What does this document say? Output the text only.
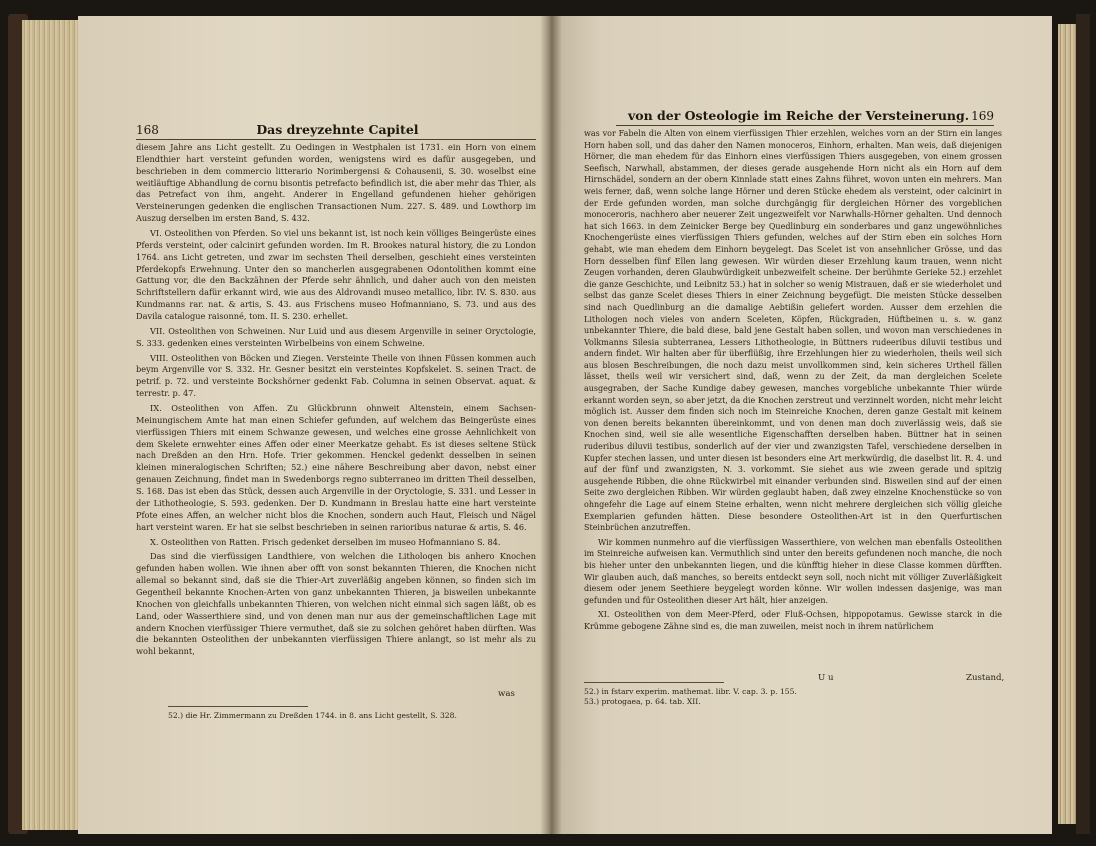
168	Das dreyzehnte Capitel

diesem Jahre ans Licht gestellt. Zu Oedingen in Westphalen ist 1731. ein Horn von einem Elendthier hart versteint gefunden worden, wenigstens wird es dafür ausgegeben, und beschrieben in dem commercio litterario Norimbergensi & Cohausenii, S. 30. woselbst eine weitläuftige Abhandlung de cornu bisontis petrefacto befindlich ist, die aber mehr das Thier, als das Petrefact von ihm, angeht. Anderer in Engelland gefundenen hieher gehörigen Versteinerungen gedenken die englischen Transactionen Num. 227. S. 489. und Lowthorp im Auszug derselben im ersten Band, S. 432.

VI. Osteolithen von Pferden. So viel uns bekannt ist, ist noch kein völliges Beingerüste eines Pferds versteint, oder calcinirt gefunden worden. Im R. Brookes natural history, die zu London 1764. ans Licht getreten, und zwar im sechsten Theil derselben, geschieht eines versteinten Pferdekopfs Erwehnung. Unter den so mancherlen ausgegrabenen Odontolithen kommt eine Gattung vor, die den Backzähnen der Pferde sehr ähnlich, und daher auch von den meisten Schriftstellern dafür erkannt wird, wie aus des Aldrovandi museo metallico, libr. IV. S. 830. aus Kundmanns rar. nat. & artis, S. 43. aus Frischens museo Hofmanniano, S. 73. und aus des Davila catalogue raisonné, tom. II. S. 230. erhellet.

VII. Osteolithen von Schweinen. Nur Luid und aus diesem Argenville in seiner Oryctologie, S. 333. gedenken eines versteinten Wirbelbeins von einem Schweine.

VIII. Osteolithen von Böcken und Ziegen. Versteinte Theile von ihnen Füssen kommen auch beym Argenville vor S. 332. Hr. Gesner besitzt ein versteintes Kopfskelet. S. seinen Tract. de petrif. p. 72. und versteinte Bockshörner gedenkt Fab. Columna in seinen Observat. aquat. & terrestr. p. 47.

IX. Osteolithen von Affen. Zu Glückbrunn ohnweit Altenstein, einem Sachsen-Meinungischem Amte hat man einen Schiefer gefunden, auf welchem das Beingerüste eines vierfüssigen Thiers mit einem Schwanze gewesen, und welches eine grosse Aehnlichkeit von dem Skelete ernwehter eines Affen oder einer Meerkatze gehabt. Es ist dieses seltene Stück nach Dreßden an den Hrn. Hofe. Trier gekommen. Henckel gedenkt desselben in seinen kleinen mineralogischen Schriften; 52.) eine nähere Beschreibung aber davon, nebst einer genauen Zeichnung, findet man in Swedenborgs regno subterraneo im dritten Theil desselben, S. 168. Das ist eben das Stück, dessen auch Argenville in der Oryctologie, S. 331. und Lesser in der Lithotheologie, S. 593. gedenken. Der D. Kundmann in Breslau hatte eine hart versteinte Pfote eines Affen, an welcher nicht blos die Knochen, sondern auch Haut, Fleisch und Nägel hart versteint waren. Er hat sie selbst beschrieben in seinen rarioribus naturae & artis, S. 46.

X. Osteolithen von Ratten. Frisch gedenket derselben im museo Hofmanniano S. 84.

Das sind die vierfüssigen Landthiere, von welchen die Litholoqen bis anhero Knochen gefunden haben wollen. Wie ihnen aber offt von sonst bekannten Thieren, die Knochen nicht allemal so bekannt sind, daß sie die Thier-Art zuverläßig angeben können, so finden sich im Gegentheil bekannte Knochen-Arten von ganz unbekannten Thieren, ja bisweilen unbekannte Knochen von gleichfalls unbekannten Thieren, von welchen nicht einmal sich sagen läßt, ob es Land, oder Wasserthiere sind, und von denen man nur aus der gemeinschaftlichen Lage mit andern Knochen vierfüssiger Thiere vermuthet, daß sie zu solchen gehöret haben dürften. Was die bekannten Osteolithen der unbekannten vierfüssigen Thiere anlangt, so ist mehr als zu wohl bekannt,

was
52.) die Hr. Zimmermann zu Dreßden 1744. in 8. ans Licht gestellt, S. 328.
von der Osteologie im Reiche der Versteinerung. 169

was vor Fabeln die Alten von einem vierfüssigen Thier erzehlen, welches vorn an der Stirn ein langes Horn haben soll, und das daher den Namen monoceros, Einhorn, erhalten. Man weis, daß diejenigen Hörner, die man ehedem für das Einhorn eines vierfüssigen Thiers ausgegeben, von einem grossen Seefisch, Narwhall, abstammen, der dieses gerade ausgehende Horn nicht als ein Horn auf dem Hirnschädel, sondern an der obern Kinnlade statt eines Zahns führet, wovon unten ein mehrers. Man weis ferner, daß, wenn solche lange Hörner und deren Stücke ehedem als versteint, oder calcinirt in der Erde gefunden worden, man solche durchgängig für dergleichen Hörner des vorgeblichen monoceroris, nachhero aber neuerer Zeit ungezweifelt vor Narwhalls-Hörner gehalten. Und dennoch hat sich 1663. in dem Zeinicker Berge bey Quedlinburg ein sonderbares und ganz ungewöhnliches Knochengerüste eines vierfüssigen Thiers gefunden, welches auf der Stirn eben ein solches Horn gehabt, wie man ehedem dem Einhorn beygelegt. Das Scelet ist von ansehnlicher Grösse, und das Horn desselben fünf Ellen lang gewesen. Wir würden dieser Erzehlung kaum trauen, wenn nicht Zeugen vorhanden, deren Glaubwürdigkeit unbezweifelt scheine. Der berühmte Gerieke 52.) erzehlet die ganze Geschichte, und Leibnitz 53.) hat in solcher so wenig Mistrauen, daß er sie wiederholet und selbst das ganze Scelet dieses Thiers in einer Zeichnung beygefügt. Die meisten Stücke desselben sind nach Quedlinburg an die damalige Aebtißin geliefert worden. Ausser dem erzehlen die Lithologen noch vieles von andern Sceleten, Köpfen, Rückgraden, Hüftbeinen u. s. w. ganz unbekannter Thiere, die bald diese, bald jene Gestalt haben sollen, und wovon man verschiedenes in Volkmanns Silesia subterranea, Lessers Lithotheologie, in Büttners rudeeribus diluvii testibus und andern findet. Wir halten aber für überflüßig, ihre Erzehlungen hier zu wiederholen, theils weil sich aus blosen Beschreibungen, die noch dazu meist unvollkommen sind, kein sicheres Urtheil fällen lässet, theils weil wir versichert sind, daß, wenn zu der Zeit, da man dergleichen Scelete ausgegraben, der Sache Kundige dabey gewesen, manches vorgebliche unbekannte Thier würde erkannt worden seyn, so aber jetzt, da die Knochen zerstreut und verzinnelt worden, nicht mehr leicht möglich ist. Ausser dem finden sich noch im Steinreiche Knochen, deren ganze Gestalt mit keinem von denen bereits bekannten übereinkommt, und von denen man doch zuverlässig weis, daß sie Knochen sind, weil sie alle wesentliche Eigenschafften derselben haben. Büttner hat in seinen ruderibus diluvii testibus, sonderlich auf der vier und zwanzigsten Tafel, verschiedene derselben in Kupfer stechen lassen, und unter diesen ist besonders eine Art merkwürdig, die daselbst lit. R. 4. und auf der fünf und zwanzigsten, N. 3. vorkommt. Sie siehet aus wie zween gerade und spitzig ausgehende Ribben, die ohne Rückwirbel mit einander verbunden sind. Bisweilen sind auf der einen Seite zwo dergleichen Ribben. Wir würden geglaubt haben, daß zwey einzelne Knochenstücke so von ohngefehr die Lage auf einem Steine erhalten, wenn nicht mehrere dergleichen sich völlig gleiche Exemplarien gefunden hätten. Diese besondere Osteolithen-Art ist in den Querfurtischen Steinbrüchen anzutreffen.

Wir kommen nunmehro auf die vierfüssigen Wasserthiere, von welchen man ebenfalls Osteolithen im Steinreiche aufweisen kan. Vermuthlich sind unter den bereits gefundenen noch manche, die noch bis hieher unter den unbekannten liegen, und die künfftig hieher in diese Classe kommen dürfften. Wir glauben auch, daß manches, so bereits entdeckt seyn soll, noch nicht mit völliger Zuverläßigkeit diesem oder jenem Seethiere beygelegt worden könne. Wir wollen indessen dasjenige, was man gefunden und für Osteolithen dieser Art hält, hier anzeigen.

XI. Osteolithen von dem Meer-Pferd, oder Fluß-Ochsen, hippopotamus. Gewisse starck in die Krümme gebogene Zähne sind es, die man zuweilen, meist noch in ihrem natürlichem

U u	Zustand,
52.) in fstarv experim. mathemat. libr. V. cap. 3. p. 155.
53.) protogaea, p. 64. tab. XII.
